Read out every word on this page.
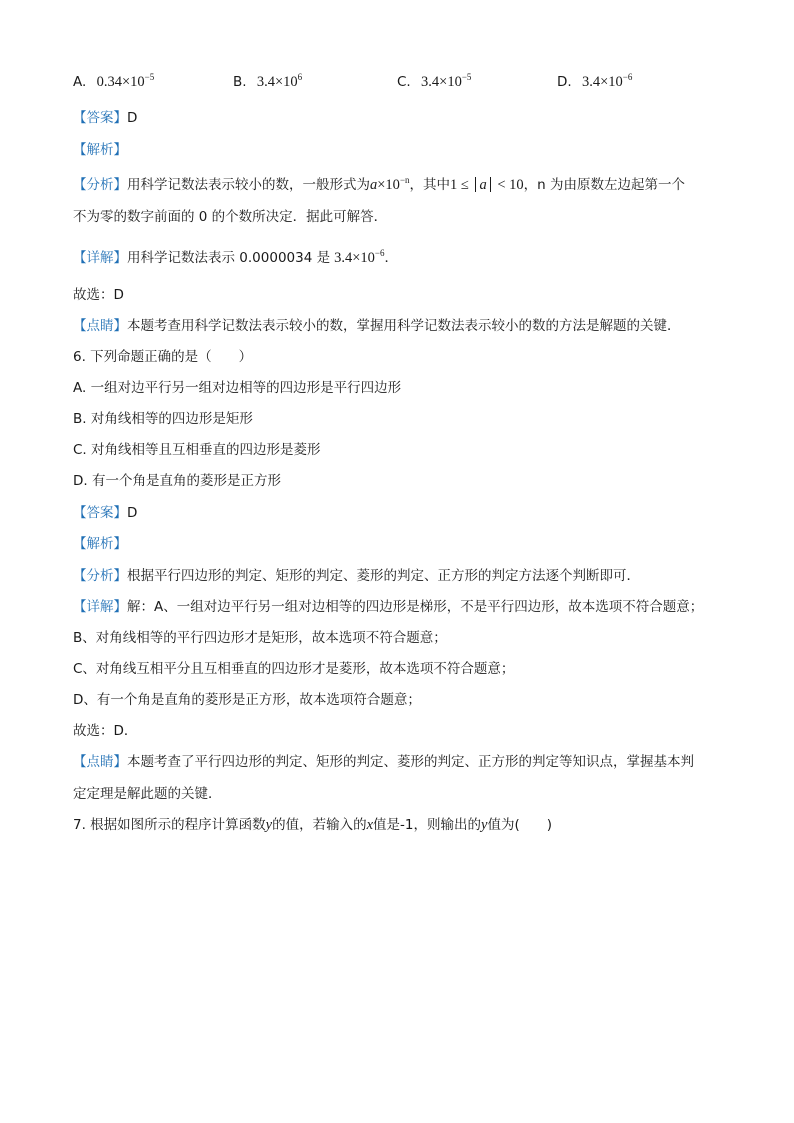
A. $0.34\times 10^{-5}$	B. $3.4\times 10^6$	C. $3.4\times 10^{-5}$	D. $3.4\times 10^{-6}$
【答案】D
【解析】
【分析】用科学记数法表示较小的数，一般形式为$a\times 10^{-n}$，其中1 ≤ a < 10，n 为由原数左边起第一个
不为零的数字前面的 0 的个数所决定．据此可解答．
【详解】用科学记数法表示 0.0000034 是 $3.4\times 10^{-6}$．
故选：D
【点睛】本题考查用科学记数法表示较小的数，掌握用科学记数法表示较小的数的方法是解题的关键．
6. 下列命题正确的是（　　）
A. 一组对边平行另一组对边相等的四边形是平行四边形
B. 对角线相等的四边形是矩形
C. 对角线相等且互相垂直的四边形是菱形
D. 有一个角是直角的菱形是正方形
【答案】D
【解析】
【分析】根据平行四边形的判定、矩形的判定、菱形的判定、正方形的判定方法逐个判断即可．
【详解】解：A、一组对边平行另一组对边相等的四边形是梯形，不是平行四边形，故本选项不符合题意；
B、对角线相等的平行四边形才是矩形，故本选项不符合题意；
C、对角线互相平分且互相垂直的四边形才是菱形，故本选项不符合题意；
D、有一个角是直角的菱形是正方形，故本选项符合题意；
故选：D．
【点睛】本题考查了平行四边形的判定、矩形的判定、菱形的判定、正方形的判定等知识点，掌握基本判
定定理是解此题的关键．
7. 根据如图所示的程序计算函数y的值，若输入的x值是-1，则输出的y值为(　　)
